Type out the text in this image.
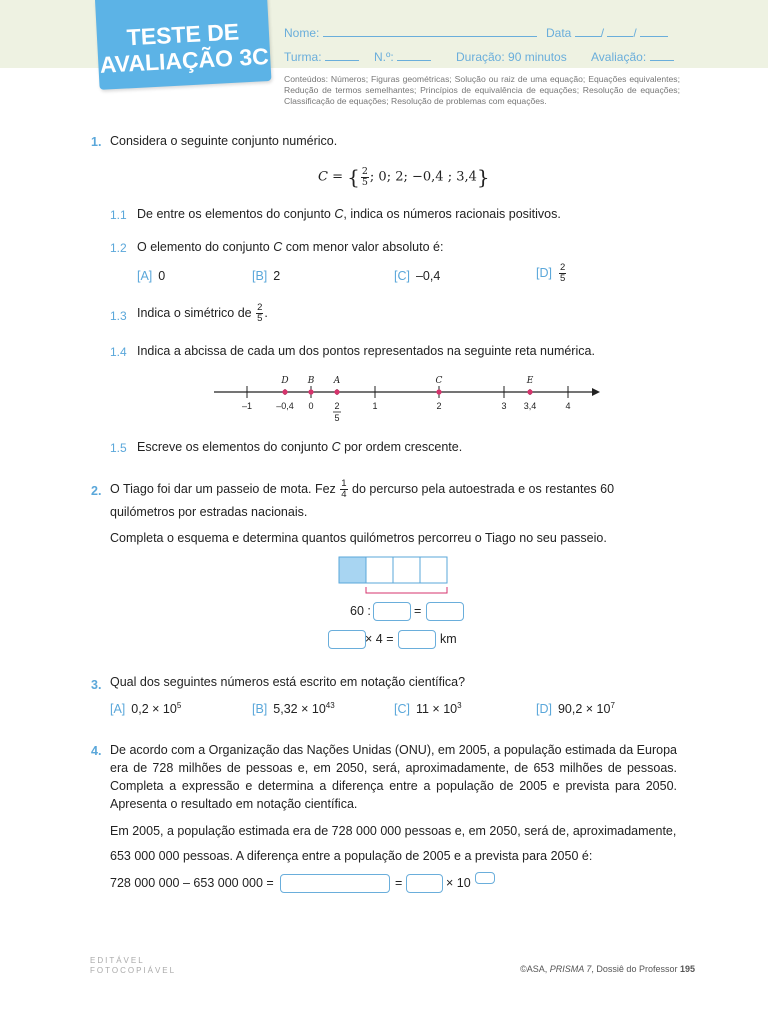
TESTE DE
AVALIAÇÃO 3C
Nome:	Data / /
Turma:	N.º:	Duração: 90 minutos Avaliação:
Conteúdos: Números; Figuras geométricas; Solução ou raiz de uma equação; Equações equivalentes; Redução de termos semelhantes; Princípios de equivalência de equações; Resolução de equações; Classificação de equações; Resolução de problemas com equações.
1. Considera o seguinte conjunto numérico.
C = { $\frac{2}{5}$ ; 0; 2; −0,4 ; 3,4}
1.1 De entre os elementos do conjunto C, indica os números racionais positivos.
1.2 O elemento do conjunto C com menor valor absoluto é:
[A] 0	[B] 2	[C] –0,4	$[D] \frac{2}{5}$
1.3 Indica o simétrico de $\frac{2}{5}$ .
1.4 Indica a abcissa de cada um dos pontos representados na seguinte reta numérica.
D B A	C	E
–1	–0,4 0 2
5
1	2	3 3,4	4
1.5 Escreve os elementos do conjunto C por ordem crescente.
2. O Tiago foi dar um passeio de mota. Fez $\frac{1}{4}$ do percurso pela autoestrada e os restantes 60
quilómetros por estradas nacionais.
Completa o esquema e determina quantos quilómetros percorreu o Tiago no seu passeio.
60 :	=
× 4 =	km
3. Qual dos seguintes números está escrito em notação científica?
[A] $0,2 \times 10^5$	[B] $5,32 \times 10^{43}$	[C] $11 \times 10^3$	[D] $90,2 \times 10^7$
4. De acordo com a Organização das Nações Unidas (ONU), em 2005, a população estimada da Europa era de 728 milhões de pessoas e, em 2050, será, aproximadamente, de 653 milhões de pessoas. Completa a expressão e determina a diferença entre a população de 2005 e prevista para 2050. Apresenta o resultado em notação científica.
Em 2005, a população estimada era de 728 000 000 pessoas e, em 2050, será de, aproximadamente,
653 000 000 pessoas. A diferença entre a população de 2005 e a prevista para 2050 é:
728 000 000 – 653 000 000 =	=	× 10
EDITÁVEL
FOTOCOPIÁVEL	©ASA, PRISMA 7, Dossiê do Professor 195
